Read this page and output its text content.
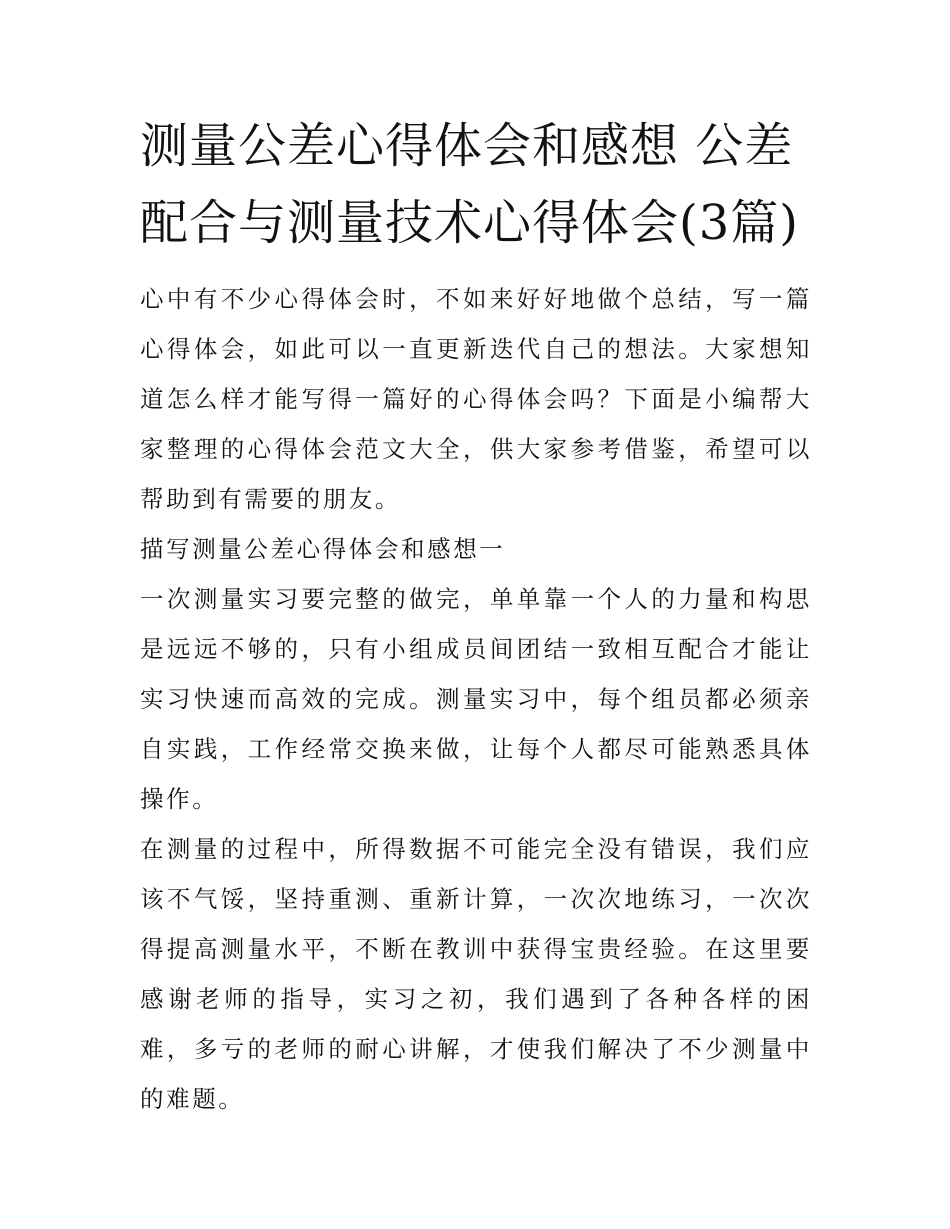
测量公差心得体会和感想 公差配合与测量技术心得体会(3篇)

心中有不少心得体会时，不如来好好地做个总结，写一篇心得体会，如此可以一直更新迭代自己的想法。大家想知道怎么样才能写得一篇好的心得体会吗？下面是小编帮大家整理的心得体会范文大全，供大家参考借鉴，希望可以帮助到有需要的朋友。

描写测量公差心得体会和感想一

一次测量实习要完整的做完，单单靠一个人的力量和构思是远远不够的，只有小组成员间团结一致相互配合才能让实习快速而高效的完成。测量实习中，每个组员都必须亲自实践，工作经常交换来做，让每个人都尽可能熟悉具体操作。

在测量的过程中，所得数据不可能完全没有错误，我们应该不气馁，坚持重测、重新计算，一次次地练习，一次次得提高测量水平，不断在教训中获得宝贵经验。在这里要感谢老师的指导，实习之初，我们遇到了各种各样的困难，多亏的老师的耐心讲解，才使我们解决了不少测量中的难题。
